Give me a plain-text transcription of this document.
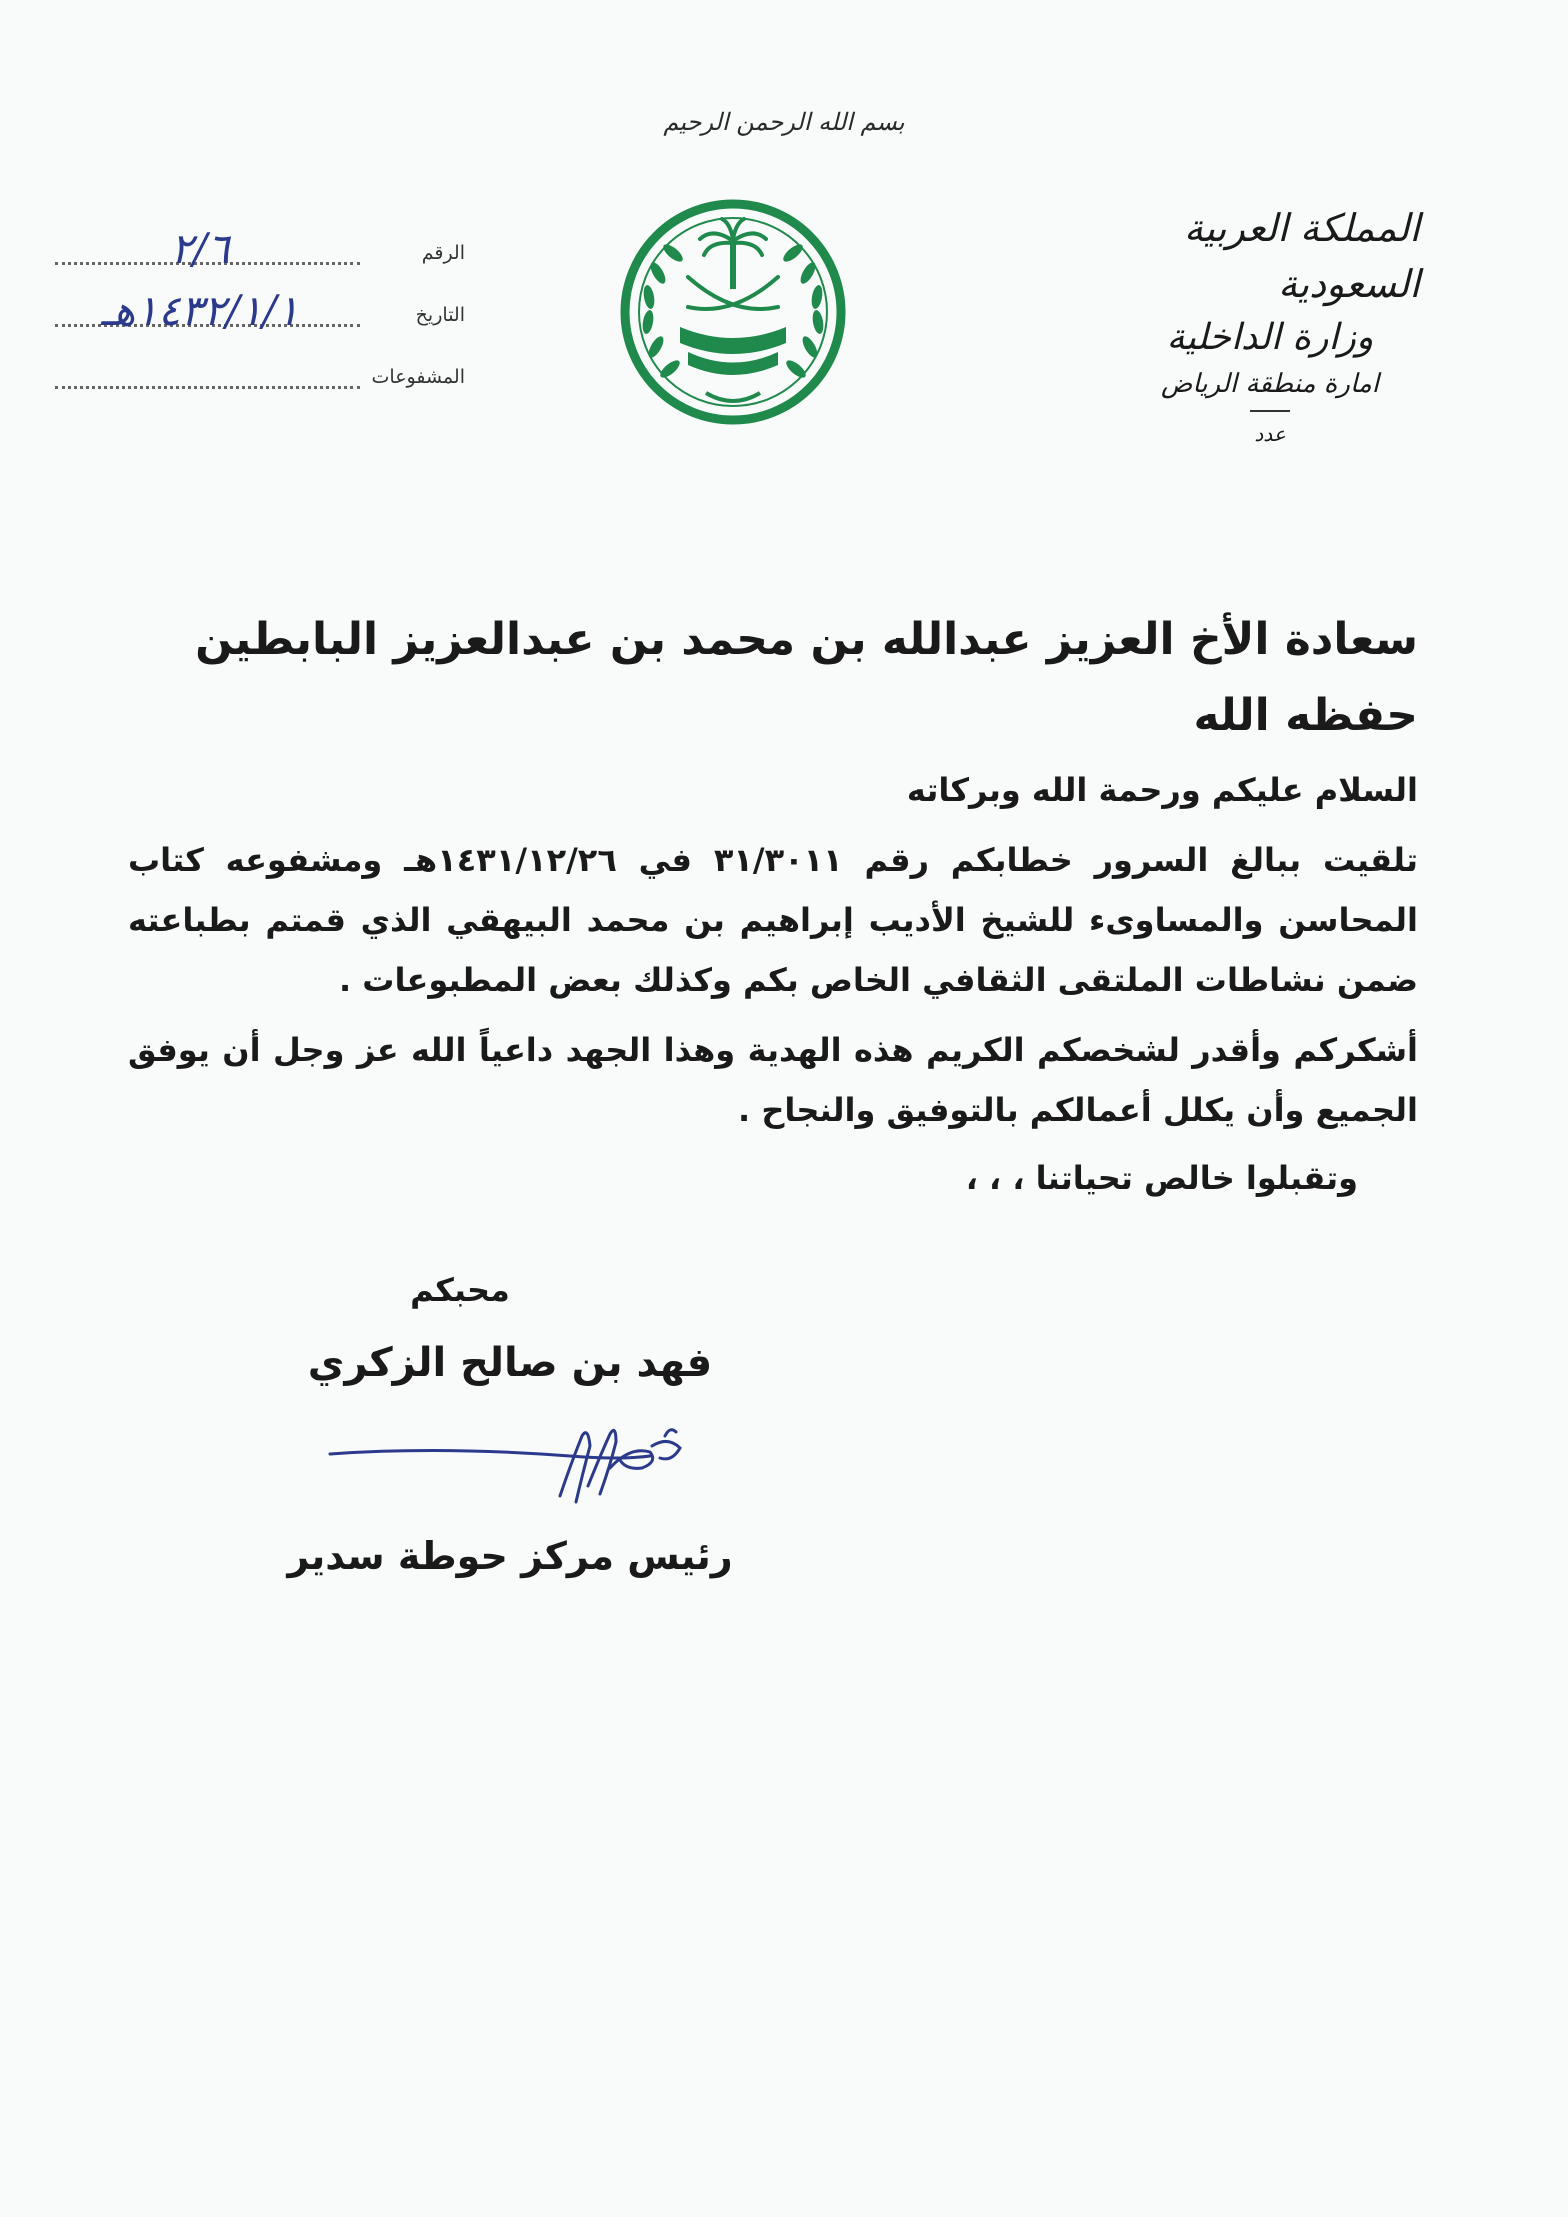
بسم الله الرحمن الرحيم
المملكة العربية السعودية
وزارة الداخلية
امارة منطقة الرياض
عدد
الرقم
٢/٦
التاريخ
١٤٣٢/١/١هـ
المشفوعات

سعادة الأخ العزيز عبدالله بن محمد بن عبدالعزيز البابطين حفظه الله

السلام عليكم ورحمة الله وبركاته

تلقيت ببالغ السرور خطابكم رقم ٣١/٣٠١١ في ١٤٣١/١٢/٢٦هـ ومشفوعه كتاب المحاسن والمساوىء للشيخ الأديب إبراهيم بن محمد البيهقي الذي قمتم بطباعته ضمن نشاطات الملتقى الثقافي الخاص بكم وكذلك بعض المطبوعات .

أشكركم وأقدر لشخصكم الكريم هذه الهدية وهذا الجهد داعياً الله عز وجل أن يوفق الجميع وأن يكلل أعمالكم بالتوفيق والنجاح .

وتقبلوا خالص تحياتنا ، ، ،

محبكم
فهد بن صالح الزكري
رئيس مركز حوطة سدير
